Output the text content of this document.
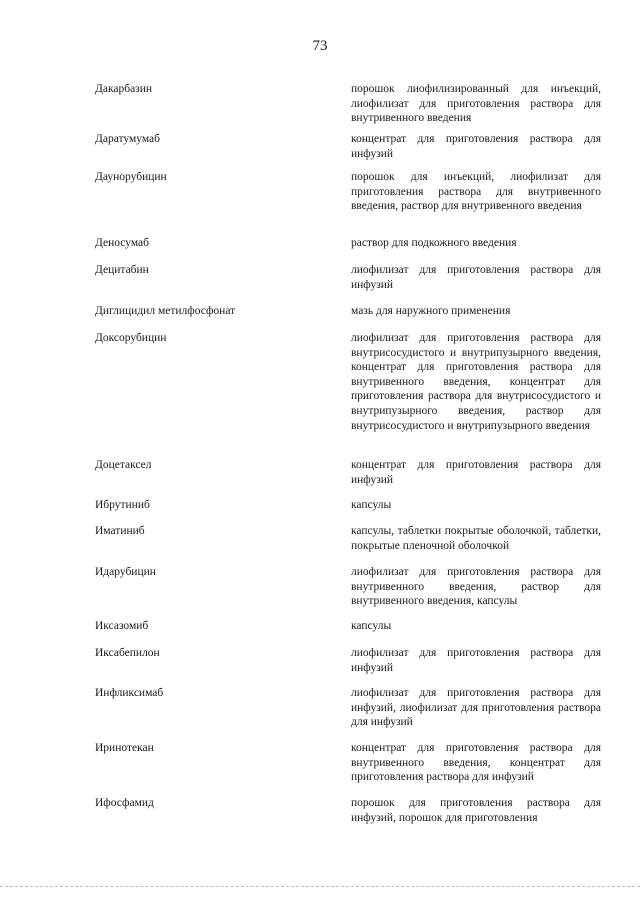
73
Дакарбазин	порошок лиофилизированный для инъекций, лиофилизат для приготовления раствора для внутривенного введения
Даратумумаб	концентрат для приготовления раствора для инфузий
Даунорубицин	порошок для инъекций, лиофилизат для приготовления раствора для внутривенного введения, раствор для внутривенного введения
Деносумаб	раствор для подкожного введения
Децитабин	лиофилизат для приготовления раствора для инфузий
Диглицидил метилфосфонат	мазь для наружного применения
Доксорубицин	лиофилизат для приготовления раствора для внутрисосудистого и внутрипузырного введения, концентрат для приготовления раствора для внутривенного введения, концентрат для приготовления раствора для внутрисосудистого и внутрипузырного введения, раствор для внутрисосудистого и внутрипузырного введения
Доцетаксел	концентрат для приготовления раствора для инфузий
Ибрутиниб	капсулы
Иматиниб	капсулы, таблетки покрытые оболочкой, таблетки, покрытые пленочной оболочкой
Идарубицин	лиофилизат для приготовления раствора для внутривенного введения, раствор для внутривенного введения, капсулы
Иксазомиб	капсулы
Иксабепилон	лиофилизат для приготовления раствора для инфузий
Инфликсимаб	лиофилизат для приготовления раствора для инфузий, лиофилизат для приготовления раствора для инфузий
Иринотекан	концентрат для приготовления раствора для внутривенного введения, концентрат для приготовления раствора для инфузий
Ифосфамид	порошок для приготовления раствора для инфузий, порошок для приготовления
